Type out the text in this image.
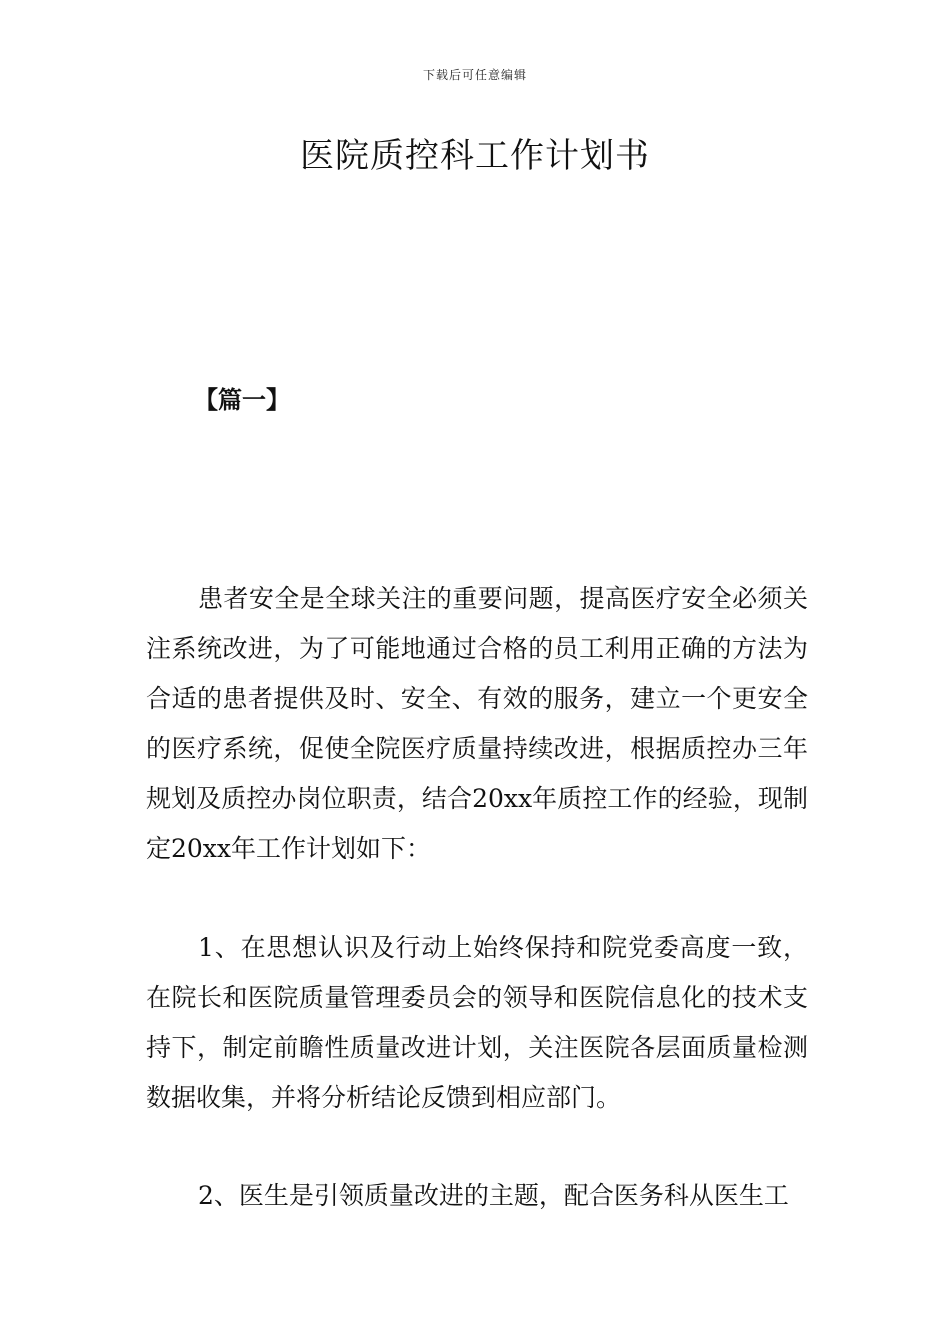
下载后可任意编辑
医院质控科工作计划书
【篇一】

患者安全是全球关注的重要问题，提高医疗安全必须关注系统改进，为了可能地通过合格的员工利用正确的方法为合适的患者提供及时、安全、有效的服务，建立一个更安全的医疗系统，促使全院医疗质量持续改进，根据质控办三年规划及质控办岗位职责，结合20xx年质控工作的经验，现制定20xx年工作计划如下：

1、在思想认识及行动上始终保持和院党委高度一致，在院长和医院质量管理委员会的领导和医院信息化的技术支持下，制定前瞻性质量改进计划，关注医院各层面质量检测数据收集，并将分析结论反馈到相应部门。

2、医生是引领质量改进的主题，配合医务科从医生工
